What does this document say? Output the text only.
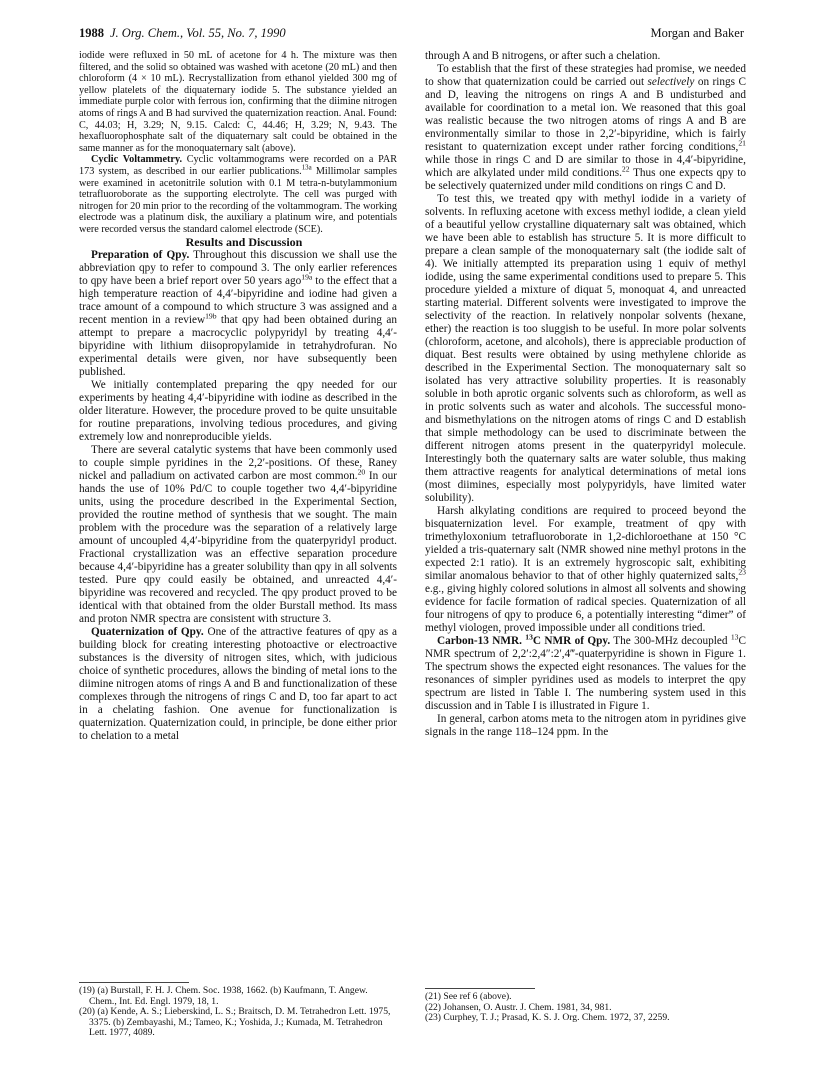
1988 J. Org. Chem., Vol. 55, No. 7, 1990	Morgan and Baker

iodide were refluxed in 50 mL of acetone for 4 h. The mixture was then filtered, and the solid so obtained was washed with acetone (20 mL) and then chloroform (4 × 10 mL). Recrystallization from ethanol yielded 300 mg of yellow platelets of the diquaternary iodide 5. The substance yielded an immediate purple color with ferrous ion, confirming that the diimine nitrogen atoms of rings A and B had survived the quaternization reaction. Anal. Found: C, 44.03; H, 3.29; N, 9.15. Calcd: C, 44.46; H, 3.29; N, 9.43. The hexafluorophosphate salt of the diquaternary salt could be obtained in the same manner as for the monoquaternary salt (above).

Cyclic Voltammetry. Cyclic voltammograms were recorded on a PAR 173 system, as described in our earlier publications.$^{13a}$ Millimolar samples were examined in acetonitrile solution with 0.1 M tetra-n-butylammonium tetrafluoroborate as the supporting electrolyte. The cell was purged with nitrogen for 20 min prior to the recording of the voltammogram. The working electrode was a platinum disk, the auxiliary a platinum wire, and potentials were recorded versus the standard calomel electrode (SCE).

Results and Discussion

Preparation of Qpy. Throughout this discussion we shall use the abbreviation qpy to refer to compound 3. The only earlier references to qpy have been a brief report over 50 years ago$^{19a}$ to the effect that a high temperature reaction of 4,4′-bipyridine and iodine had given a trace amount of a compound to which structure 3 was assigned and a recent mention in a review$^{19b}$ that qpy had been obtained during an attempt to prepare a macrocyclic polypyridyl by treating 4,4′-bipyridine with lithium diisopropylamide in tetrahydrofuran. No experimental details were given, nor have subsequently been published.

We initially contemplated preparing the qpy needed for our experiments by heating 4,4′-bipyridine with iodine as described in the older literature. However, the procedure proved to be quite unsuitable for routine preparations, involving tedious procedures, and giving extremely low and nonreproducible yields.

There are several catalytic systems that have been commonly used to couple simple pyridines in the 2,2′-positions. Of these, Raney nickel and palladium on activated carbon are most common.$^{20}$ In our hands the use of 10% Pd/C to couple together two 4,4′-bipyridine units, using the procedure described in the Experimental Section, provided the routine method of synthesis that we sought. The main problem with the procedure was the separation of a relatively large amount of uncoupled 4,4′-bipyridine from the quaterpyridyl product. Fractional crystallization was an effective separation procedure because 4,4′-bipyridine has a greater solubility than qpy in all solvents tested. Pure qpy could easily be obtained, and unreacted 4,4′-bipyridine was recovered and recycled. The qpy product proved to be identical with that obtained from the older Burstall method. Its mass and proton NMR spectra are consistent with structure 3.

Quaternization of Qpy. One of the attractive features of qpy as a building block for creating interesting photoactive or electroactive substances is the diversity of nitrogen sites, which, with judicious choice of synthetic procedures, allows the binding of metal ions to the diimine nitrogen atoms of rings A and B and functionalization of these complexes through the nitrogens of rings C and D, too far apart to act in a chelating fashion. One avenue for functionalization is quaternization. Quaternization could, in principle, be done either prior to chelation to a metal

through A and B nitrogens, or after such a chelation.

To establish that the first of these strategies had promise, we needed to show that quaternization could be carried out selectively on rings C and D, leaving the nitrogens on rings A and B undisturbed and available for coordination to a metal ion. We reasoned that this goal was realistic because the two nitrogen atoms of rings A and B are environmentally similar to those in 2,2′-bipyridine, which is fairly resistant to quaternization except under rather forcing conditions,$^{21}$ while those in rings C and D are similar to those in 4,4′-bipyridine, which are alkylated under mild conditions.$^{22}$ Thus one expects qpy to be selectively quaternized under mild conditions on rings C and D.

To test this, we treated qpy with methyl iodide in a variety of solvents. In refluxing acetone with excess methyl iodide, a clean yield of a beautiful yellow crystalline diquaternary salt was obtained, which we have been able to establish has structure 5. It is more difficult to prepare a clean sample of the monoquaternary salt (the iodide salt of 4). We initially attempted its preparation using 1 equiv of methyl iodide, using the same experimental conditions used to prepare 5. This procedure yielded a mixture of diquat 5, monoquat 4, and unreacted starting material. Different solvents were investigated to improve the selectivity of the reaction. In relatively nonpolar solvents (hexane, ether) the reaction is too sluggish to be useful. In more polar solvents (chloroform, acetone, and alcohols), there is appreciable production of diquat. Best results were obtained by using methylene chloride as described in the Experimental Section. The monoquaternary salt so isolated has very attractive solubility properties. It is reasonably soluble in both aprotic organic solvents such as chloroform, as well as in protic solvents such as water and alcohols. The successful mono- and bismethylations on the nitrogen atoms of rings C and D establish that simple methodology can be used to discriminate between the different nitrogen atoms present in the quaterpyridyl molecule. Interestingly both the quaternary salts are water soluble, thus making them attractive reagents for analytical determinations of metal ions (most diimines, especially most polypyridyls, have limited water solubility).

Harsh alkylating conditions are required to proceed beyond the bisquaternization level. For example, treatment of qpy with trimethyloxonium tetrafluoroborate in 1,2-dichloroethane at 150 °C yielded a tris-quaternary salt (NMR showed nine methyl protons in the expected 2:1 ratio). It is an extremely hygroscopic salt, exhibiting similar anomalous behavior to that of other highly quaternized salts,$^{23}$ e.g., giving highly colored solutions in almost all solvents and showing evidence for facile formation of radical species. Quaternization of all four nitrogens of qpy to produce 6, a potentially interesting “dimer” of methyl viologen, proved impossible under all conditions tried.

Carbon-13 NMR. $^{13}$C NMR of Qpy. The 300-MHz decoupled $^{13}$C NMR spectrum of 2,2′:2,4″:2′,4‴-quaterpyridine is shown in Figure 1. The spectrum shows the expected eight resonances. The values for the resonances of simpler pyridines used as models to interpret the qpy spectrum are listed in Table I. The numbering system used in this discussion and in Table I is illustrated in Figure 1.

In general, carbon atoms meta to the nitrogen atom in pyridines give signals in the range 118–124 ppm. In the

(19) (a) Burstall, F. H. J. Chem. Soc. 1938, 1662. (b) Kaufmann, T. Angew. Chem., Int. Ed. Engl. 1979, 18, 1.
(20) (a) Kende, A. S.; Lieberskind, L. S.; Braitsch, D. M. Tetrahedron Lett. 1975, 3375. (b) Zembayashi, M.; Tameo, K.; Yoshida, J.; Kumada, M. Tetrahedron Lett. 1977, 4089.
(21) See ref 6 (above).
(22) Johansen, O. Austr. J. Chem. 1981, 34, 981.
(23) Curphey, T. J.; Prasad, K. S. J. Org. Chem. 1972, 37, 2259.
